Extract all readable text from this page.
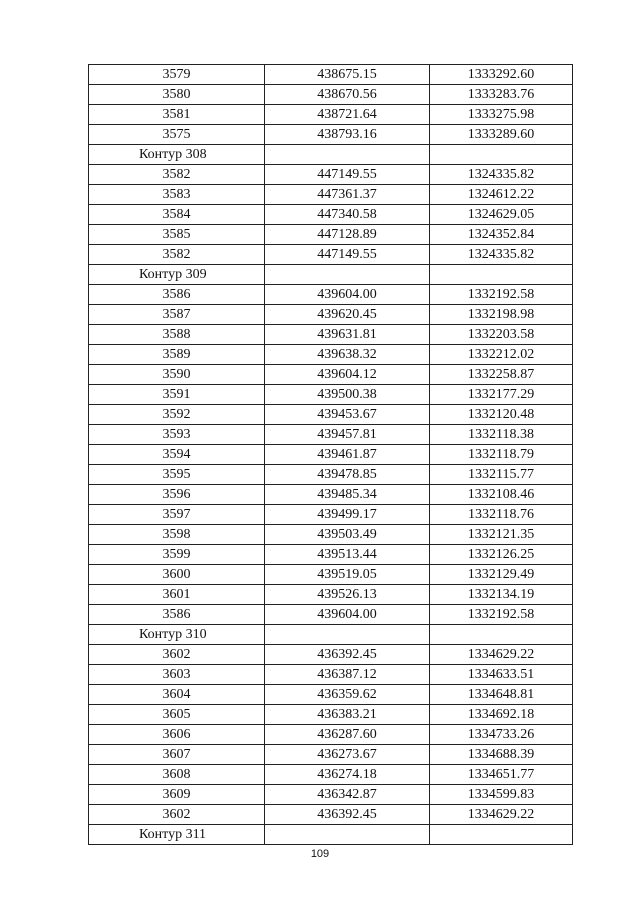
3579	438675.15	1333292.60
3580	438670.56	1333283.76
3581	438721.64	1333275.98
3575	438793.16	1333289.60
Контур 308		
3582	447149.55	1324335.82
3583	447361.37	1324612.22
3584	447340.58	1324629.05
3585	447128.89	1324352.84
3582	447149.55	1324335.82
Контур 309		
3586	439604.00	1332192.58
3587	439620.45	1332198.98
3588	439631.81	1332203.58
3589	439638.32	1332212.02
3590	439604.12	1332258.87
3591	439500.38	1332177.29
3592	439453.67	1332120.48
3593	439457.81	1332118.38
3594	439461.87	1332118.79
3595	439478.85	1332115.77
3596	439485.34	1332108.46
3597	439499.17	1332118.76
3598	439503.49	1332121.35
3599	439513.44	1332126.25
3600	439519.05	1332129.49
3601	439526.13	1332134.19
3586	439604.00	1332192.58
Контур 310		
3602	436392.45	1334629.22
3603	436387.12	1334633.51
3604	436359.62	1334648.81
3605	436383.21	1334692.18
3606	436287.60	1334733.26
3607	436273.67	1334688.39
3608	436274.18	1334651.77
3609	436342.87	1334599.83
3602	436392.45	1334629.22
Контур 311		
109
